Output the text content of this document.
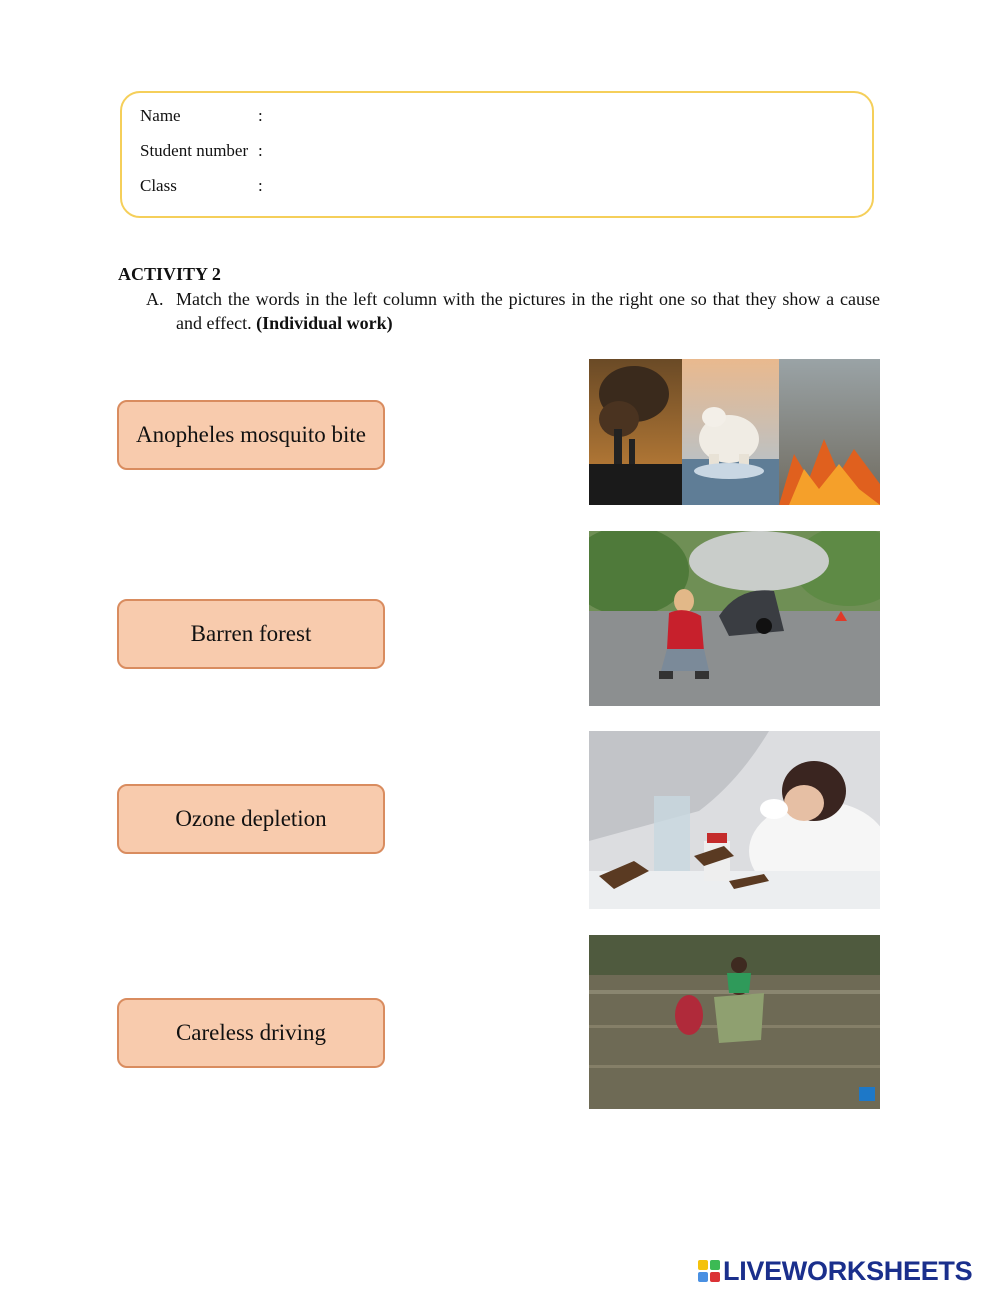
Name	:
Student number :
Class	:
ACTIVITY 2
A. Match the words in the left column with the pictures in the right one so that they show a cause and effect. (Individual work)
Anopheles mosquito bite
Barren forest
Ozone depletion
Careless driving
LIVEWORKSHEETS
